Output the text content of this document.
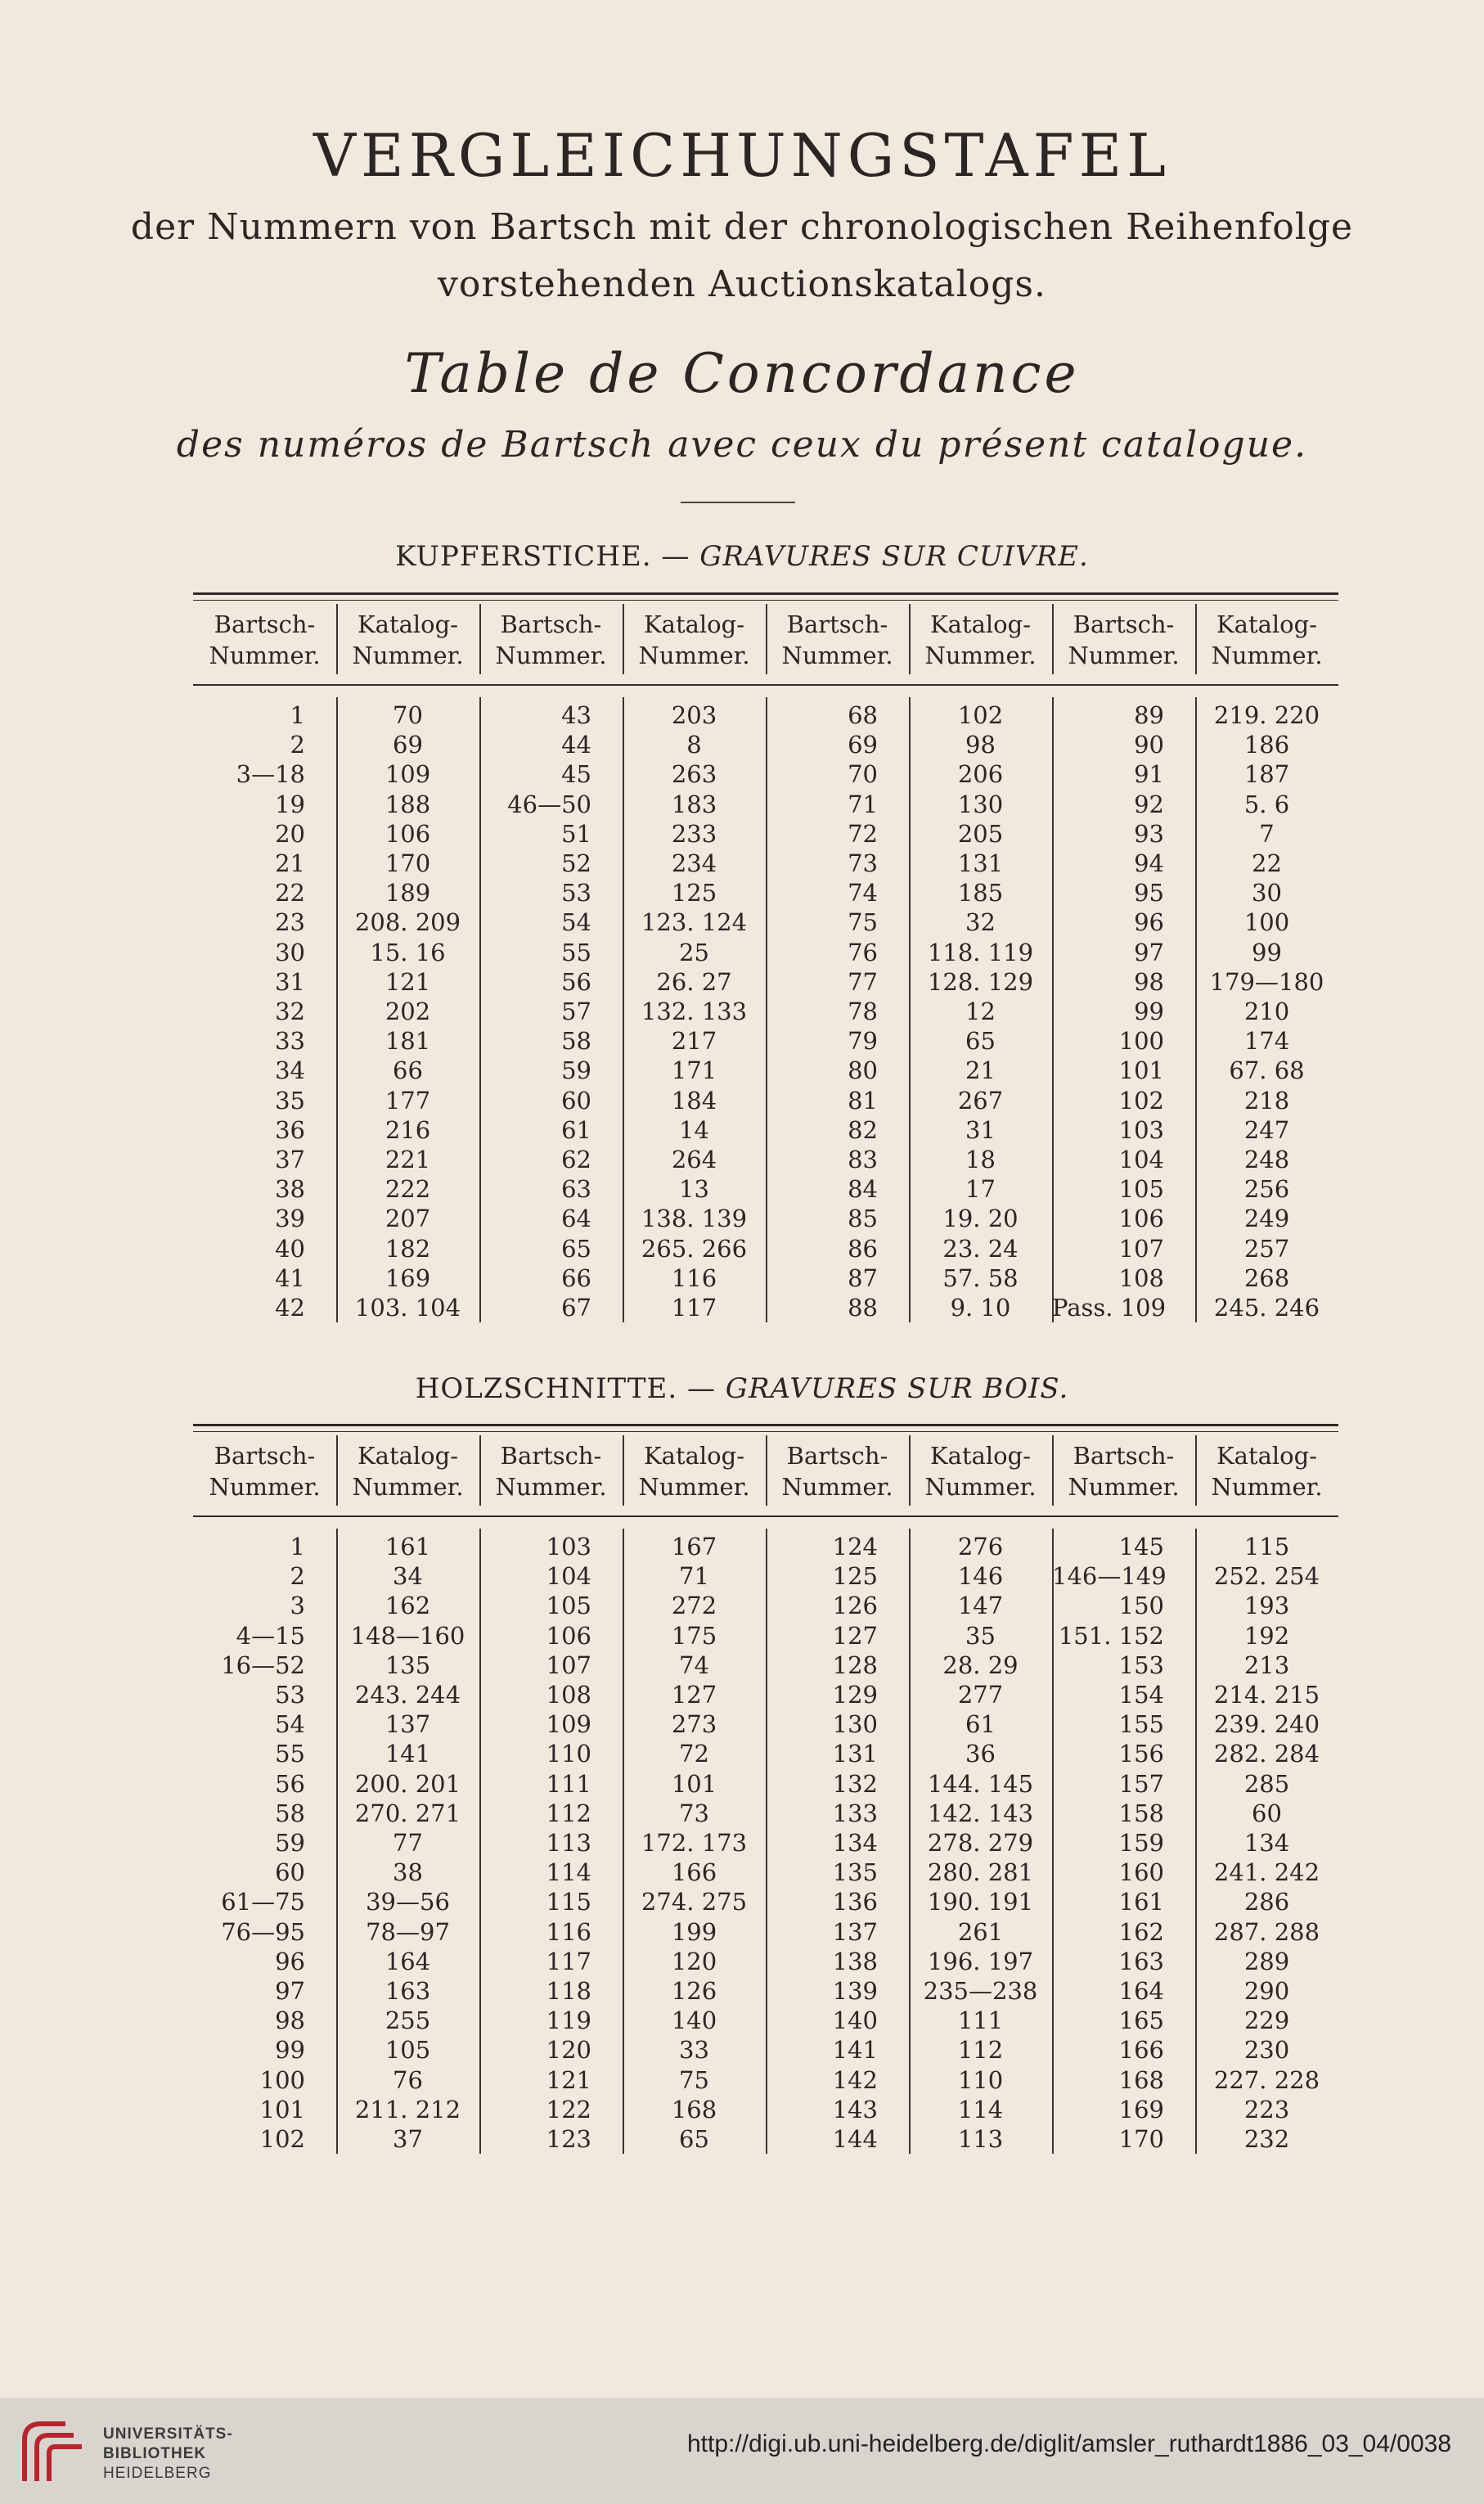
VERGLEICHUNGSTAFEL
der Nummern von Bartsch mit der chronologischen Reihenfolge
vorstehenden Auctionskatalogs.
Table de Concordance
des numéros de Bartsch avec ceux du présent catalogue.
KUPFERSTICHE. — GRAVURES SUR CUIVRE.
Bartsch-
Nummer.
Katalog-
Nummer.
1
2
3—18
19
20
21
22
23
30
31
32
33
34
35
36
37
38
39
40
41
42
70
69
109
188
106
170
189
208. 209
15. 16
121
202
181
66
177
216
221
222
207
182
169
103. 104
Bartsch-
Nummer.
Katalog-
Nummer.
43
44
45
46—50
51
52
53
54
55
56
57
58
59
60
61
62
63
64
65
66
67
203
8
263
183
233
234
125
123. 124
25
26. 27
132. 133
217
171
184
14
264
13
138. 139
265. 266
116
117
Bartsch-
Nummer.
Katalog-
Nummer.
68
69
70
71
72
73
74
75
76
77
78
79
80
81
82
83
84
85
86
87
88
102
98
206
130
205
131
185
32
118. 119
128. 129
12
65
21
267
31
18
17
19. 20
23. 24
57. 58
9. 10
Bartsch-
Nummer.
Katalog-
Nummer.
89
90
91
92
93
94
95
96
97
98
99
100
101
102
103
104
105
106
107
108
Pass. 109
219. 220
186
187
5. 6
7
22
30
100
99
179—180
210
174
67. 68
218
247
248
256
249
257
268
245. 246
HOLZSCHNITTE. — GRAVURES SUR BOIS.
Bartsch-
Nummer.
Katalog-
Nummer.
1
2
3
4—15
16—52
53
54
55
56
58
59
60
61—75
76—95
96
97
98
99
100
101
102
161
34
162
148—160
135
243. 244
137
141
200. 201
270. 271
77
38
39—56
78—97
164
163
255
105
76
211. 212
37
Bartsch-
Nummer.
Katalog-
Nummer.
103
104
105
106
107
108
109
110
111
112
113
114
115
116
117
118
119
120
121
122
123
167
71
272
175
74
127
273
72
101
73
172. 173
166
274. 275
199
120
126
140
33
75
168
65
Bartsch-
Nummer.
Katalog-
Nummer.
124
125
126
127
128
129
130
131
132
133
134
135
136
137
138
139
140
141
142
143
144
276
146
147
35
28. 29
277
61
36
144. 145
142. 143
278. 279
280. 281
190. 191
261
196. 197
235—238
111
112
110
114
113
Bartsch-
Nummer.
Katalog-
Nummer.
145
146—149
150
151. 152
153
154
155
156
157
158
159
160
161
162
163
164
165
166
168
169
170
115
252. 254
193
192
213
214. 215
239. 240
282. 284
285
60
134
241. 242
286
287. 288
289
290
229
230
227. 228
223
232
UNIVERSITÄTS-
BIBLIOTHEK
HEIDELBERG
http://digi.ub.uni-heidelberg.de/diglit/amsler_ruthardt1886_03_04/0038
